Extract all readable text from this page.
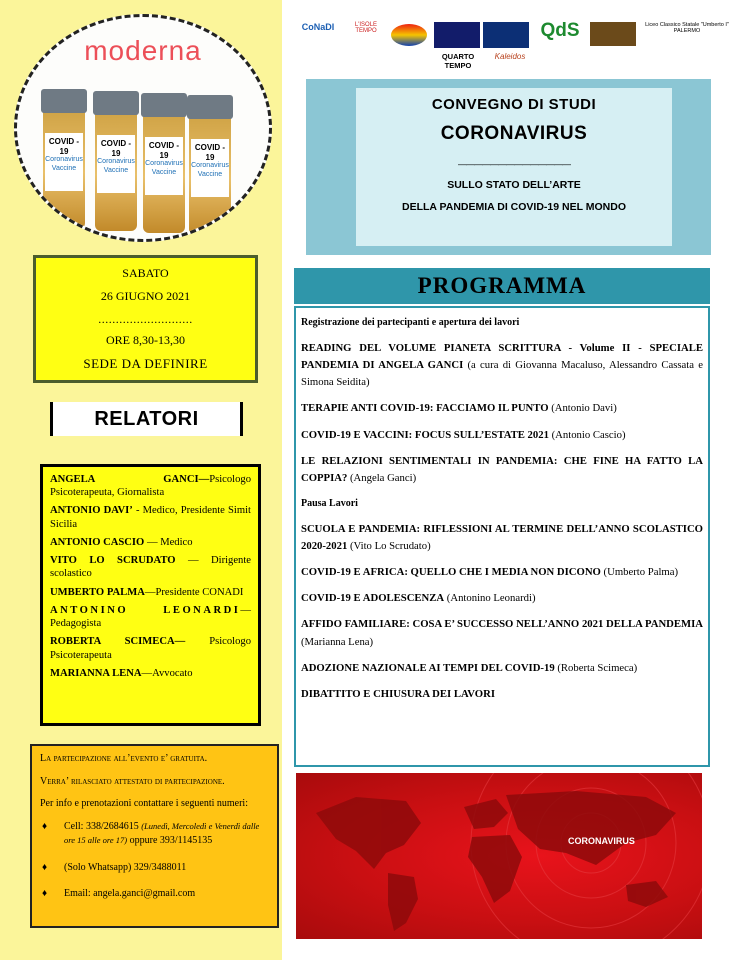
moderna
COVID - 19
Coronavirus
Vaccine
COVID - 19
Coronavirus
Vaccine
COVID - 19
Coronavirus
Vaccine
COVID - 19
Coronavirus
Vaccine
SABATO
26 GIUGNO 2021
...........................
ORE 8,30-13,30
SEDE DA DEFINIRE
RELATORI
ANGELA GANCI—Psicologo Psicoterapeuta, Giornalista
ANTONIO DAVI’ - Medico, Presidente Simit Sicilia
ANTONIO CASCIO — Medico
VITO LO SCRUDATO — Dirigente scolastico
UMBERTO PALMA—Presidente CONADI
ANTONINO LEONARDI—Pedagogista
ROBERTA SCIMECA— Psicologo Psicoterapeuta
MARIANNA LENA—Avvocato

La partecipazione all’evento e’ gratuita.

Verra’ rilasciato attestato di partecipazione.

Per info e prenotazioni contattare i seguenti numeri:

♦ Cell: 338/2684615 (Lunedì, Mercoledì e Venerdì dalle ore 15 alle ore 17) oppure 393/1145135
♦ (Solo Whatsapp) 329/3488011
♦ Email: angela.ganci@gmail.com
CoNaDI	L'ISOLE TEMPO	QdS	Liceo Classico Statale "Umberto I" PALERMO
QUARTO TEMPO
Kaleidos
CONVEGNO DI STUDI
CORONAVIRUS
——————————————
SULLO STATO DELL’ARTE
DELLA PANDEMIA DI COVID-19 NEL MONDO
PROGRAMMA
Registrazione dei partecipanti e apertura dei lavori
READING DEL VOLUME PIANETA SCRITTURA - Volume II - SPECIALE PANDEMIA DI ANGELA GANCI (a cura di Giovanna Macaluso, Alessandro Cassata e Simona Seidita)
TERAPIE ANTI COVID-19: FACCIAMO IL PUNTO (Antonio Davi)
COVID-19 E VACCINI: FOCUS SULL’ESTATE 2021 (Antonio Cascio)
LE RELAZIONI SENTIMENTALI IN PANDEMIA: CHE FINE HA FATTO LA COPPIA? (Angela Ganci)
Pausa Lavori
SCUOLA E PANDEMIA: RIFLESSIONI AL TERMINE DELL’ANNO SCOLASTICO 2020-2021 (Vito Lo Scrudato)
COVID-19 E AFRICA: QUELLO CHE I MEDIA NON DICONO (Umberto Palma)
COVID-19 E ADOLESCENZA (Antonino Leonardi)
AFFIDO FAMILIARE: COSA E’ SUCCESSO NELL’ANNO 2021 DELLA PANDEMIA (Marianna Lena)
ADOZIONE NAZIONALE AI TEMPI DEL COVID-19 (Roberta Scimeca)
DIBATTITO E CHIUSURA DEI LAVORI
CORONAVIRUS
